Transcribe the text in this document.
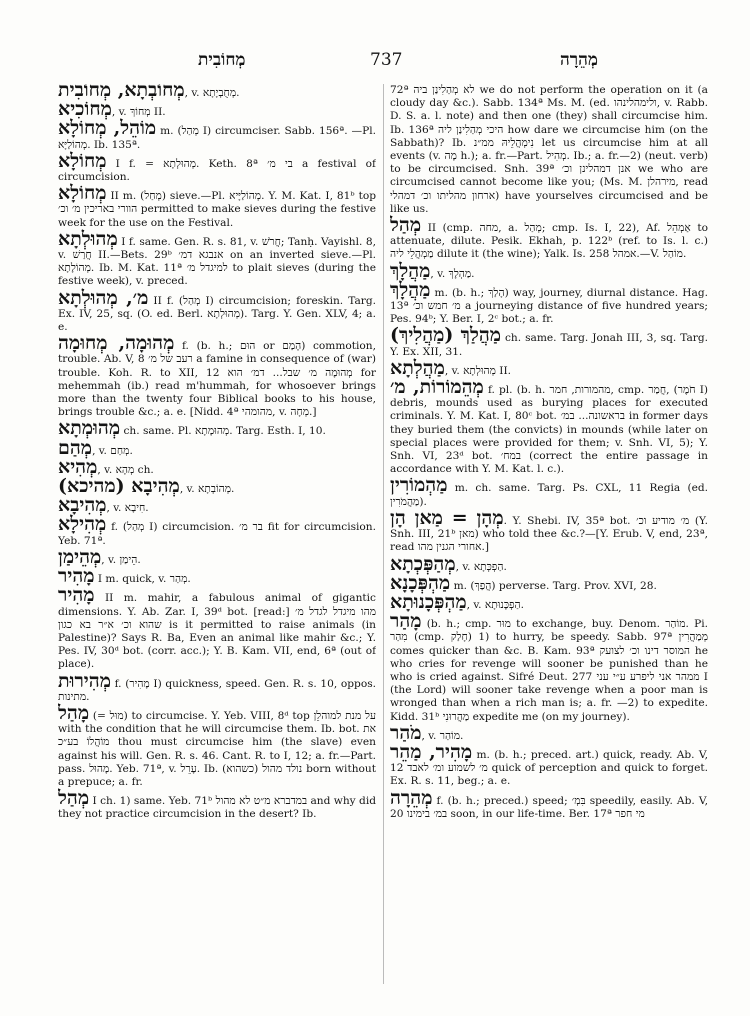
מְחוֹבִית	737	מְהֵרָה

מְחוֹבְתָא, מְחוֹבִית, v. מְחֻבְיָתָא.

מְחוֹכִיא, v. מְחוֹךְ II.

מוֹהֵל, מְחוֹלָא m. (מְהַל I) circumciser. Sabb. 156ª. —Pl. מְהוֹלַיָּא. Ib. 135ª.

מְחוֹלָא I f. = מְהוּלְתָא. Keth. 8ª בי מ׳ a festival of circumcision.

מְחוֹלָא II m. (מְחַל) sieve.—Pl. מְהוֹלַיָּיא. Y. M. Kat. I, 81ᵇ top הוורי באריכין מ׳ וכ׳ permitted to make sieves during the festive week for the use on the Festival.

מְהוּלְתָא I f. same. Gen. R. s. 81, v. חֲרֹשׁ; Tanḥ. Vayishl. 8, v. חֲרַשׁ II.—Bets. 29ᵇ אנבגא דמ׳ on an inverted sieve.—Pl. מְהוֹלָתָא. Ib. M. Kat. 11ª למיגדל מ׳ to plait sieves (during the festive week), v. preced.

מ׳, מְהוּלְתָא II f. (מְהַל I) circumcision; foreskin. Targ. Ex. IV, 25, sq. (O. ed. Berl. מְהוּלְתָא). Targ. Y. Gen. XLV, 4; a. e.

מְהוּמָה, מְחוּמָה f. (b. h.; הוּם or הָמַם) commotion, trouble. Ab. V, 8 רעב של מ׳ a famine in consequence of (war) trouble. Koh. R. to XII, 12 מְהוּמָה מ׳ שבל... דמ׳ הוא for mehemmah (ib.) read m'hummah, for whosoever brings more than the twenty four Biblical books to his house, brings trouble &c.; a. e. [Nidd. 4ª מהומהי, v. מְחָה.]

מְהוּמְתָא ch. same. Pl. מְהוּמָתָא. Targ. Esth. I, 10.

מְהַם, v. מְחַם.

מְהִיא, v. מְהָא ch.

(מהיכא) מְהִיבָא, v. מְהוֹבְתָא.

מְהִיבָא, v. חִיבָא.

מְהִילָא f. (מְהַל I) circumcision. בר מ׳ fit for circumcision. Yeb. 71ª.

מְהֵימַן, v. הֵימַן.

מָהִיר I m. quick, v. מְהַר.

מָהִיר II m. mahir, a fabulous animal of gigantic dimensions. Y. Ab. Zar. I, 39ᵈ bot. [read:] מהו מיגדל לגדל מ׳ שהוא וכ׳ א״ר בא כגון is it permitted to raise animals (in Palestine)? Says R. Ba, Even an animal like mahir &c.; Y. Pes. IV, 30ᵈ bot. (corr. acc.); Y. B. Kam. VII, end, 6ª (out of place).

מְהִירוּת f. (מָהִיר I) quickness, speed. Gen. R. s. 10, oppos. מתינות.

מָהַל (= מוּל) to circumcise. Y. Yeb. VIII, 8ᵈ top על מנת למוהלֵן with the condition that he will circumcise them. Ib. bot. את מוֹהֲלוֹ בע״כ thou must circumcise him (the slave) even against his will. Gen. R. s. 46. Cant. R. to I, 12; a. fr.—Part. pass. מָהוּל. Yeb. 71ª, v. עָרֵל. Ib. נולד מהול (כשהוא) born without a prepuce; a. fr.

מְהַל I ch. 1) same. Yeb. 71ᵇ במדברא מ״ט לא מהול and why did they not practice circumcision in the desert? Ib.

72ª לא מְהַלִינַן ביה we do not perform the operation on it (a cloudy day &c.). Sabb. 134ª Ms. M. (ed. ולימהלינהו, v. Rabb. D. S. a. l. note) and then one (they) shall circumcise him. Ib. 136ª היכי מְהַלִינַן ליה how dare we circumcise him (on the Sabbath)? Ib. נִימְהֲלֵיהּ ממ״נ let us circumcise him at all events (v. מָה h.); a. fr.—Part. מְהִיל. Ib.; a. fr.—2) (neut. verb) to be circumcised. Snh. 39ª אנן דמהלינן וכ׳ we who are circumcised cannot become like you; (Ms. M. מירהלן, read ארחון מהליתו וכ׳ דמהלי) have yourselves circumcised and be like us.

מְהַל II (cmp. מחה, a. מְהַל; cmp. Is. I, 22), Af. אַמְהֵל to attenuate, dilute. Pesik. Ekhah, p. 122ᵇ (ref. to Is. l. c.) מַמְהֲלֵי ליה dilute it (the wine); Yalk. Is. 258 אמהל.—V. מוֹהַל.

מַהֲלָךְ, v. מַהְלָךְ.

מַהֲלָךְ m. (b. h.; הָלַךְ) way, journey, diurnal distance. Hag. 13ª מ׳ חמש וכ׳ a journeying distance of five hundred years; Pes. 94ᵇ; Y. Ber. I, 2ᶜ bot.; a. fr.

(מַהֲלִיךְ) מַהֲלַךְ ch. same. Targ. Jonah III, 3, sq. Targ. Y. Ex. XII, 31.

מַהֲלְתָא, v. מְהוּלְתָא II.

מְהֵמוֹרוֹת, מ׳ f. pl. (b. h. מהמורות, חמר, cmp. חֲמַר, (חֹמֶר I) debris, mounds used as burying places for executed criminals. Y. M. Kat. I, 80ᶜ bot. בראשונה... במ׳ in former days they buried them (the convicts) in mounds (while later on special places were provided for them; v. Snh. VI, 5); Y. Snh. VI, 23ᵈ bot. במח׳ (correct the entire passage in accordance with Y. M. Kat. l. c.).

מַהְמוֹרִין m. ch. same. Targ. Ps. CXL, 11 Regia (ed. מַהֲמֹרִין).

מְהָן = מַאן הָן. Y. Shebi. IV, 35ª bot. מ׳ מודיע וכ׳ (Y. Snh. III, 21ᵇ מאן) who told thee &c.?—[Y. Erub. V, end, 23ª, read אחורי הגנין מהו.]

מְהַפְּכְתָא, v. הַפְכְּתָא.

מַהְפְּכָנָא m. (הֲפַךְ) perverse. Targ. Prov. XVI, 28.

מַהְפְּכָנוּתָא, v. הַפְכָּנוּתָא.

מָהַר (b. h.; cmp. מוּר to exchange, buy. Denom. מוֹהַר. Pi. מִהַר (cmp. חָלַק) 1) to hurry, be speedy. Sabb. 97ª מְמַהֲרִין comes quicker than &c. B. Kam. 93ª המוסר דינו וכ׳ לצועק he who cries for revenge will sooner be punished than he who is cried against. Sifré Deut. 277 ממהר אני ליפרע ע״י עני I (the Lord) will sooner take revenge when a poor man is wronged than when a rich man is; a. fr. —2) to expedite. Kidd. 31ᵇ מַהֲרוּנִי expedite me (on my journey).

מֹהַר, v. מוֹהַר.

מָהִיר, מַהֵר m. (b. h.; preced. art.) quick, ready. Ab. V, 12 מ׳ לשמוע ומ׳ לאבד quick of perception and quick to forget. Ex. R. s. 11, beg.; a. e.

מְהֵרָה f. (b. h.; preced.) speed; בִּמְ׳ speedily, easily. Ab. V, 20 במ׳ בימינו soon, in our life-time. Ber. 17ª מי חפר
